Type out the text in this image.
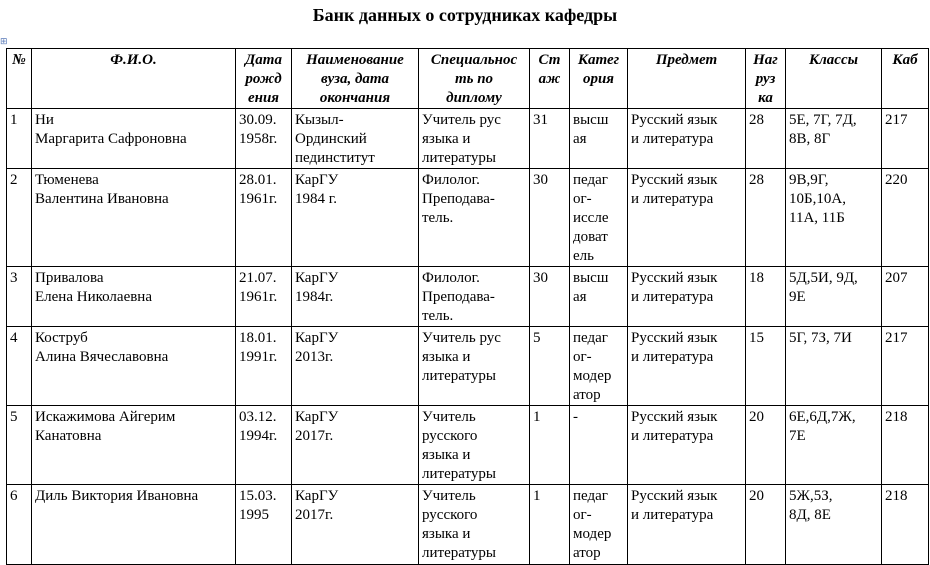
Банк данных о сотрудниках кафедры
⊞
№	Ф.И.О.	Дата
рожд
ения	Наименование
вуза, дата
окончания	Специальнос
ть по
диплому	Ст
аж	Катег
ория	Предмет	Наг
руз
ка	Классы	Каб
1	Ни
Маргарита Сафроновна	30.09.
1958г.	Кызыл-
Ординский
пединститут	Учитель рус
языка и
литературы	31	высш
ая	Русский язык
и литература	28	5Е, 7Г, 7Д,
8В, 8Г	217
2	Тюменева
Валентина Ивановна	28.01.
1961г.	КарГУ
1984 г.	Филолог.
Преподава-
тель.	30	педаг
ог-
иссле
доват
ель	Русский язык
и литература	28	9В,9Г,
10Б,10А,
11А, 11Б	220
3	Привалова
Елена Николаевна	21.07.
1961г.	КарГУ
1984г.	Филолог.
Преподава-
тель.	30	высш
ая	Русский язык
и литература	18	5Д,5И, 9Д,
9Е	207
4	Коструб
Алина Вячеславовна	18.01.
1991г.	КарГУ
2013г.	Учитель рус
языка и
литературы	5	педаг
ог-
модер
атор	Русский язык
и литература	15	5Г, 7З, 7И	217
5	Искажимова Айгерим
Канатовна	03.12.
1994г.	КарГУ
2017г.	Учитель
русского
языка и
литературы	1	-	Русский язык
и литература	20	6Е,6Д,7Ж,
7Е	218
6	Диль Виктория Ивановна	15.03.
1995	КарГУ
2017г.	Учитель
русского
языка и
литературы	1	педаг
ог-
модер
атор	Русский язык
и литература	20	5Ж,5З,
8Д, 8Е	218
